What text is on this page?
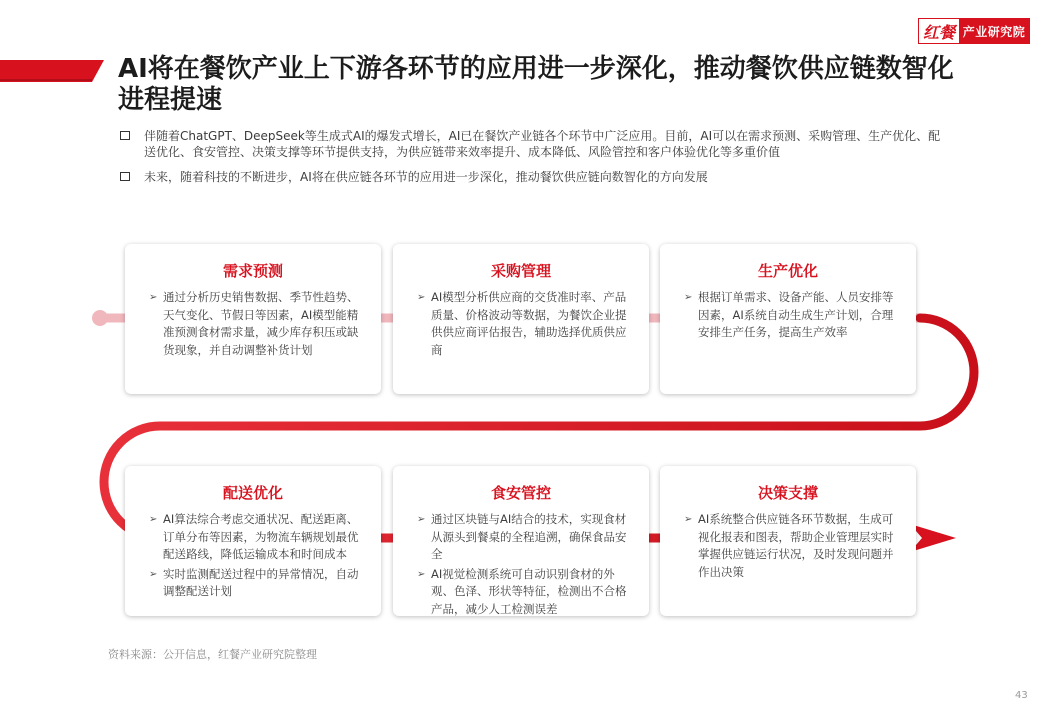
红餐 产业研究院
AI将在餐饮产业上下游各环节的应用进一步深化，推动餐饮供应链数智化进程提速
伴随着ChatGPT、DeepSeek等生成式AI的爆发式增长，AI已在餐饮产业链各个环节中广泛应用。目前，AI可以在需求预测、采购管理、生产优化、配送优化、食安管控、决策支撑等环节提供支持，为供应链带来效率提升、成本降低、风险管控和客户体验优化等多重价值
未来，随着科技的不断进步，AI将在供应链各环节的应用进一步深化，推动餐饮供应链向数智化的方向发展
需求预测
➢ 通过分析历史销售数据、季节性趋势、天气变化、节假日等因素，AI模型能精准预测食材需求量，减少库存积压或缺货现象，并自动调整补货计划
采购管理
➢ AI模型分析供应商的交货准时率、产品质量、价格波动等数据，为餐饮企业提供供应商评估报告，辅助选择优质供应商
生产优化
➢ 根据订单需求、设备产能、人员安排等因素，AI系统自动生成生产计划，合理安排生产任务，提高生产效率
配送优化
➢ AI算法综合考虑交通状况、配送距离、订单分布等因素，为物流车辆规划最优配送路线，降低运输成本和时间成本
➢ 实时监测配送过程中的异常情况，自动调整配送计划
食安管控
➢ 通过区块链与AI结合的技术，实现食材从源头到餐桌的全程追溯，确保食品安全
➢ AI视觉检测系统可自动识别食材的外观、色泽、形状等特征，检测出不合格产品，减少人工检测误差
决策支撑
➢ AI系统整合供应链各环节数据，生成可视化报表和图表，帮助企业管理层实时掌握供应链运行状况，及时发现问题并作出决策
资料来源：公开信息，红餐产业研究院整理
43
